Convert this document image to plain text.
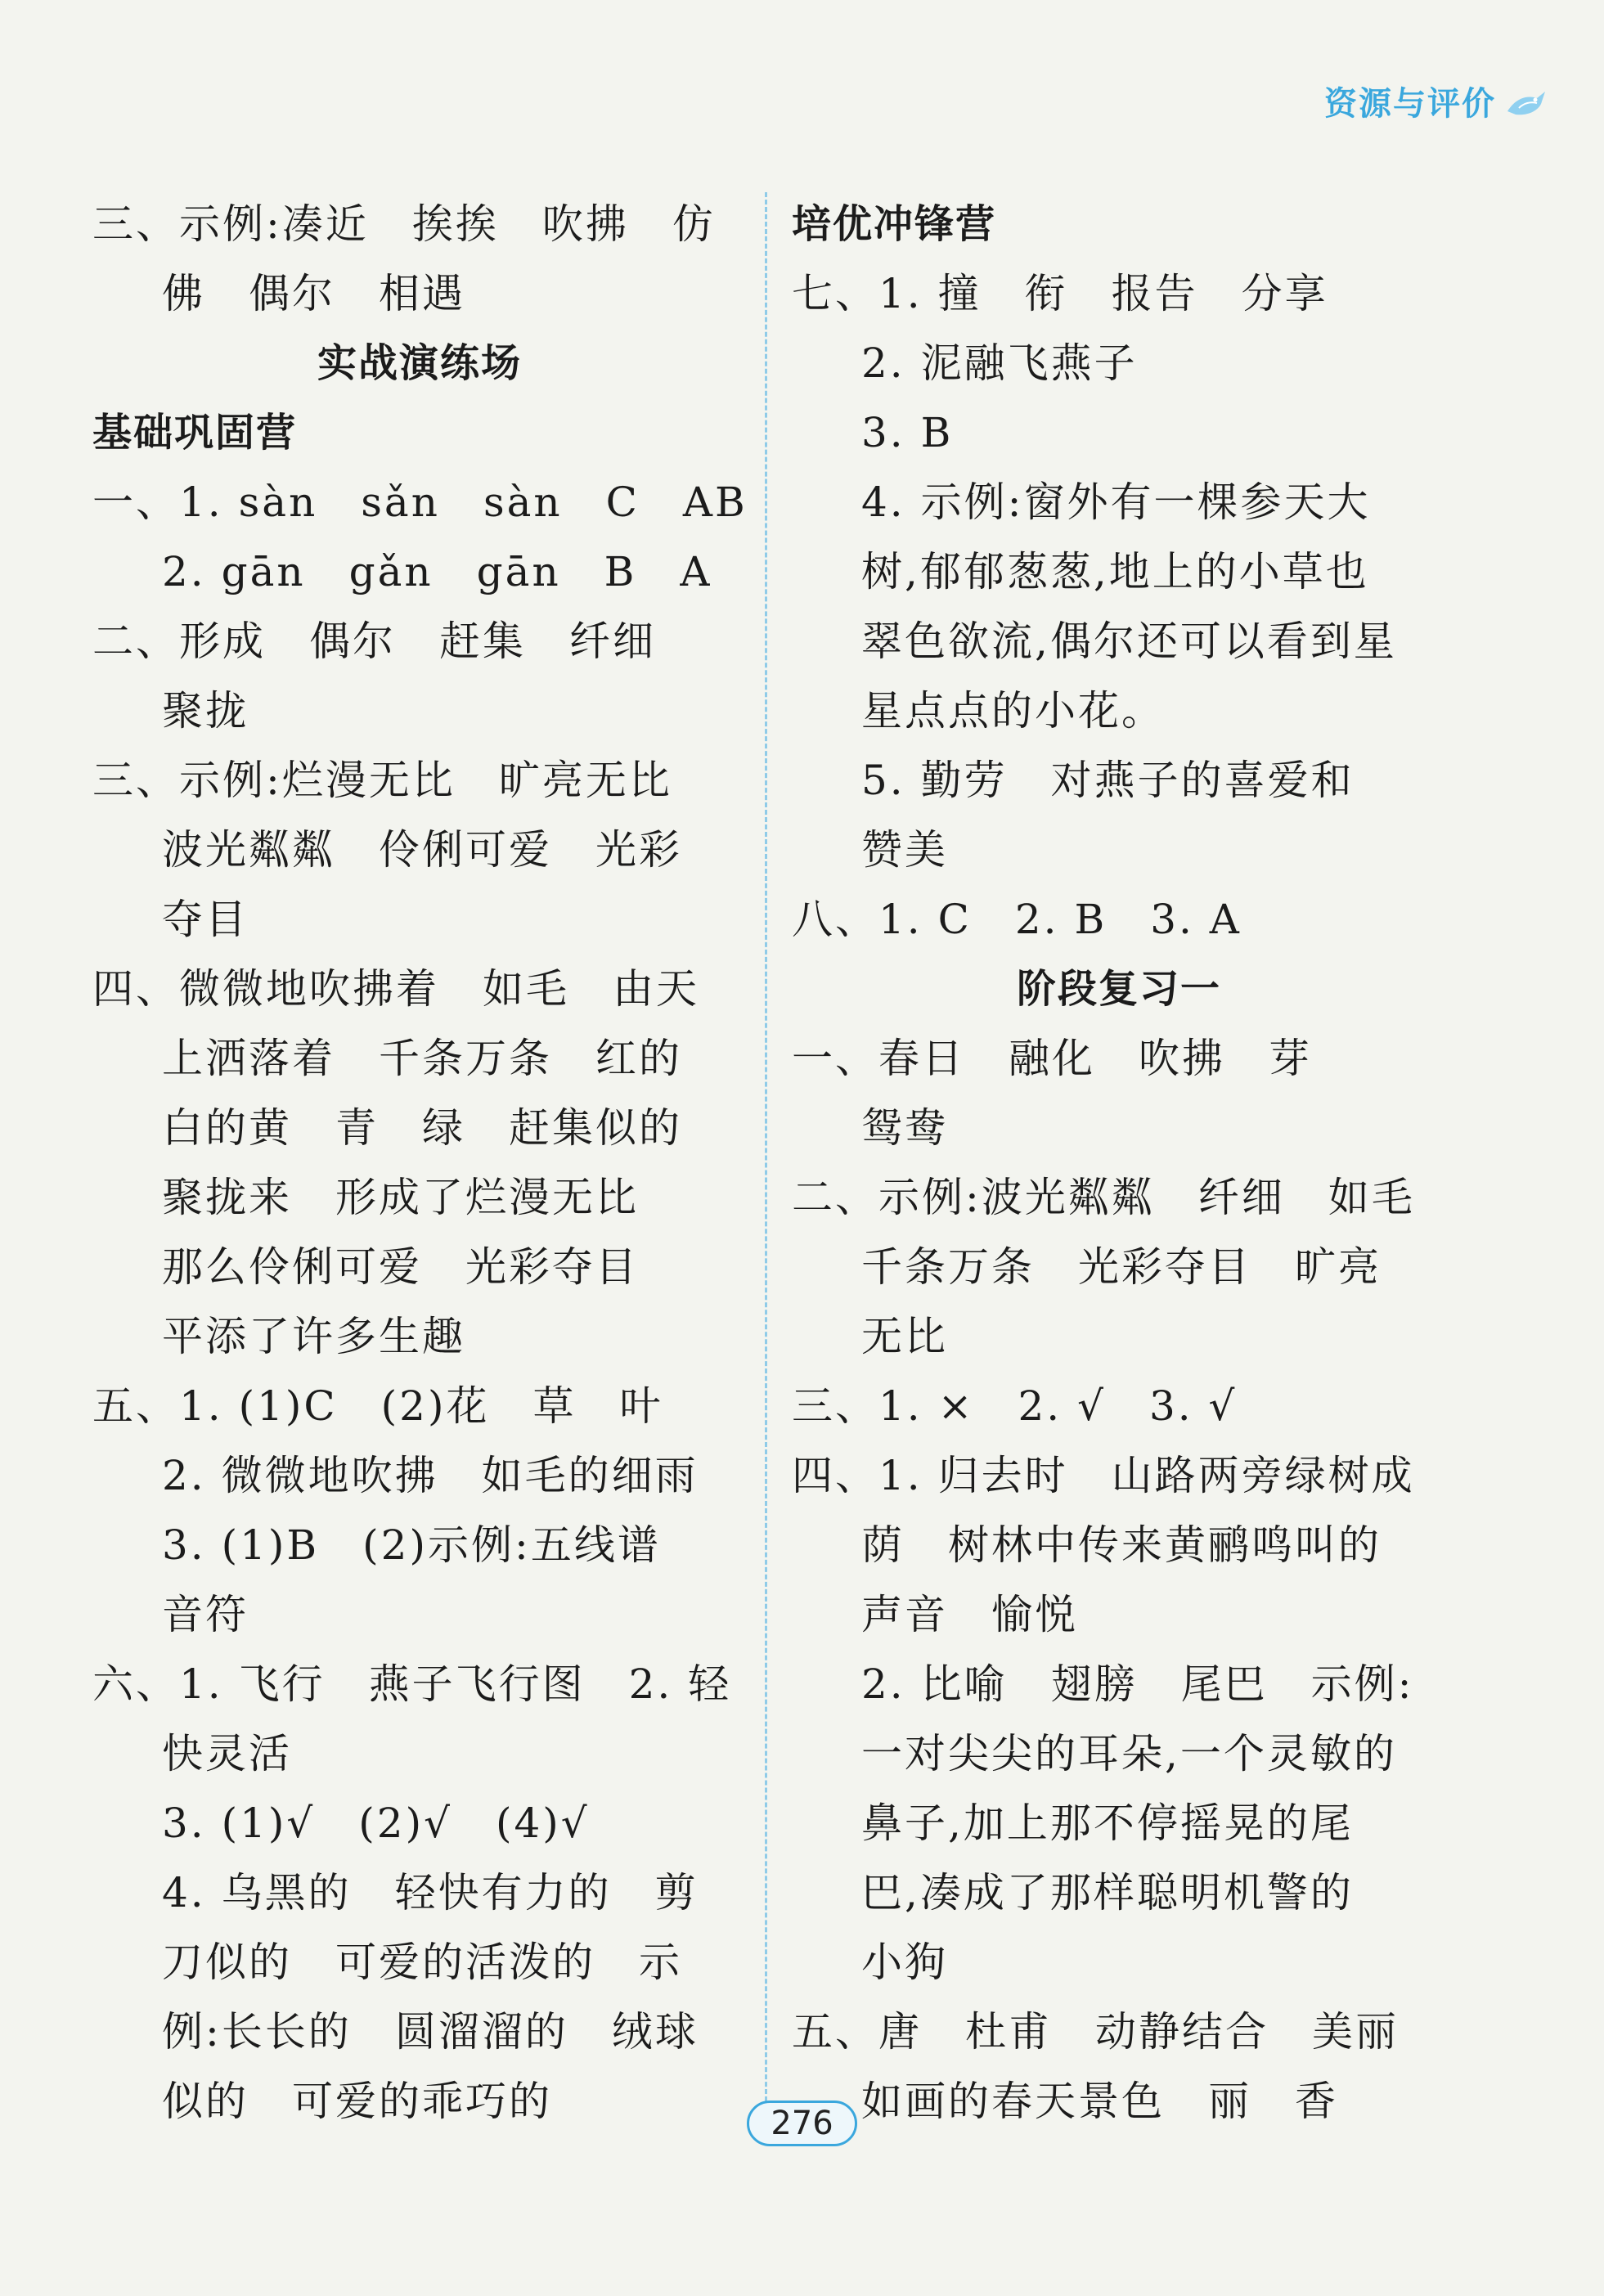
资源与评价
三、示例:凑近　挨挨　吹拂　仿
佛　偶尔　相遇
实战演练场
基础巩固营
一、1. sàn　sǎn　sàn　C　AB
2. gān　gǎn　gān　B　A
二、形成　偶尔　赶集　纤细
聚拢
三、示例:烂漫无比　旷亮无比
波光粼粼　伶俐可爱　光彩
夺目
四、微微地吹拂着　如毛　由天
上洒落着　千条万条　红的
白的黄　青　绿　赶集似的
聚拢来　形成了烂漫无比
那么伶俐可爱　光彩夺目
平添了许多生趣
五、1. (1)C　(2)花　草　叶
2. 微微地吹拂　如毛的细雨
3. (1)B　(2)示例:五线谱
音符
六、1. 飞行　燕子飞行图　2. 轻
快灵活
3. (1)√　(2)√　(4)√
4. 乌黑的　轻快有力的　剪
刀似的　可爱的活泼的　示
例:长长的　圆溜溜的　绒球
似的　可爱的乖巧的
培优冲锋营
七、1. 撞　衔　报告　分享
2. 泥融飞燕子
3. B
4. 示例:窗外有一棵参天大
树,郁郁葱葱,地上的小草也
翠色欲流,偶尔还可以看到星
星点点的小花。
5. 勤劳　对燕子的喜爱和
赞美
八、1. C　2. B　3. A
阶段复习一
一、春日　融化　吹拂　芽
鸳鸯
二、示例:波光粼粼　纤细　如毛
千条万条　光彩夺目　旷亮
无比
三、1. ×　2. √　3. √
四、1. 归去时　山路两旁绿树成
荫　树林中传来黄鹂鸣叫的
声音　愉悦
2. 比喻　翅膀　尾巴　示例:
一对尖尖的耳朵,一个灵敏的
鼻子,加上那不停摇晃的尾
巴,凑成了那样聪明机警的
小狗
五、唐　杜甫　动静结合　美丽
如画的春天景色　丽　香
276
